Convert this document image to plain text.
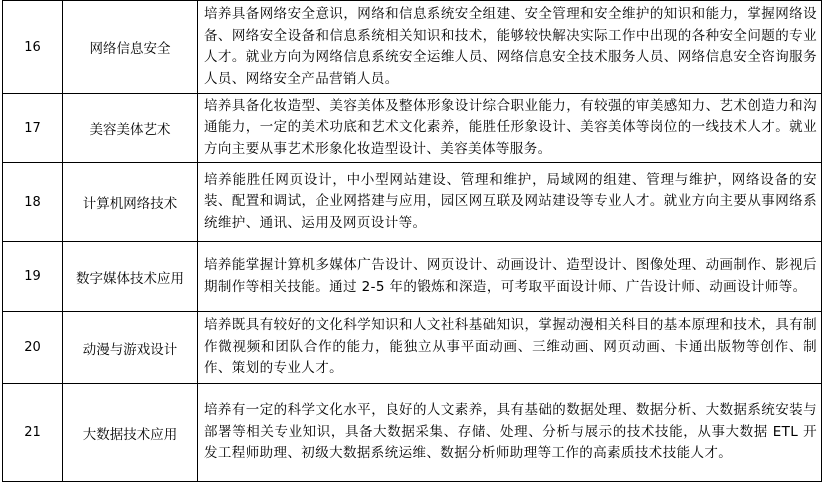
16	网络信息安全	培养具备网络安全意识，网络和信息系统安全组建、安全管理和安全维护的知识和能力，掌握网络设备、网络安全设备和信息系统相关知识和技术，能够较快解决实际工作中出现的各种安全问题的专业人才。就业方向为网络信息系统安全运维人员、网络信息安全技术服务人员、网络信息安全咨询服务人员、网络安全产品营销人员。
17	美容美体艺术	培养具备化妆造型、美容美体及整体形象设计综合职业能力，有较强的审美感知力、艺术创造力和沟通能力，一定的美术功底和艺术文化素养，能胜任形象设计、美容美体等岗位的一线技术人才。就业方向主要从事艺术形象化妆造型设计、美容美体等服务。
18	计算机网络技术	培养能胜任网页设计，中小型网站建设、管理和维护，局域网的组建、管理与维护，网络设备的安装、配置和调试，企业网搭建与应用，园区网互联及网站建设等专业人才。就业方向主要从事网络系统维护、通讯、运用及网页设计等。
19	数字媒体技术应用	培养能掌握计算机多媒体广告设计、网页设计、动画设计、造型设计、图像处理、动画制作、影视后期制作等相关技能。通过 2-5 年的锻炼和深造，可考取平面设计师、广告设计师、动画设计师等。
20	动漫与游戏设计	培养既具有较好的文化科学知识和人文社科基础知识，掌握动漫相关科目的基本原理和技术，具有制作微视频和团队合作的能力，能独立从事平面动画、三维动画、网页动画、卡通出版物等创作、制作、策划的专业人才。
21	大数据技术应用	培养有一定的科学文化水平，良好的人文素养，具有基础的数据处理、数据分析、大数据系统安装与部署等相关专业知识，具备大数据采集、存储、处理、分析与展示的技术技能，从事大数据 ETL 开发工程师助理、初级大数据系统运维、数据分析师助理等工作的高素质技术技能人才。
